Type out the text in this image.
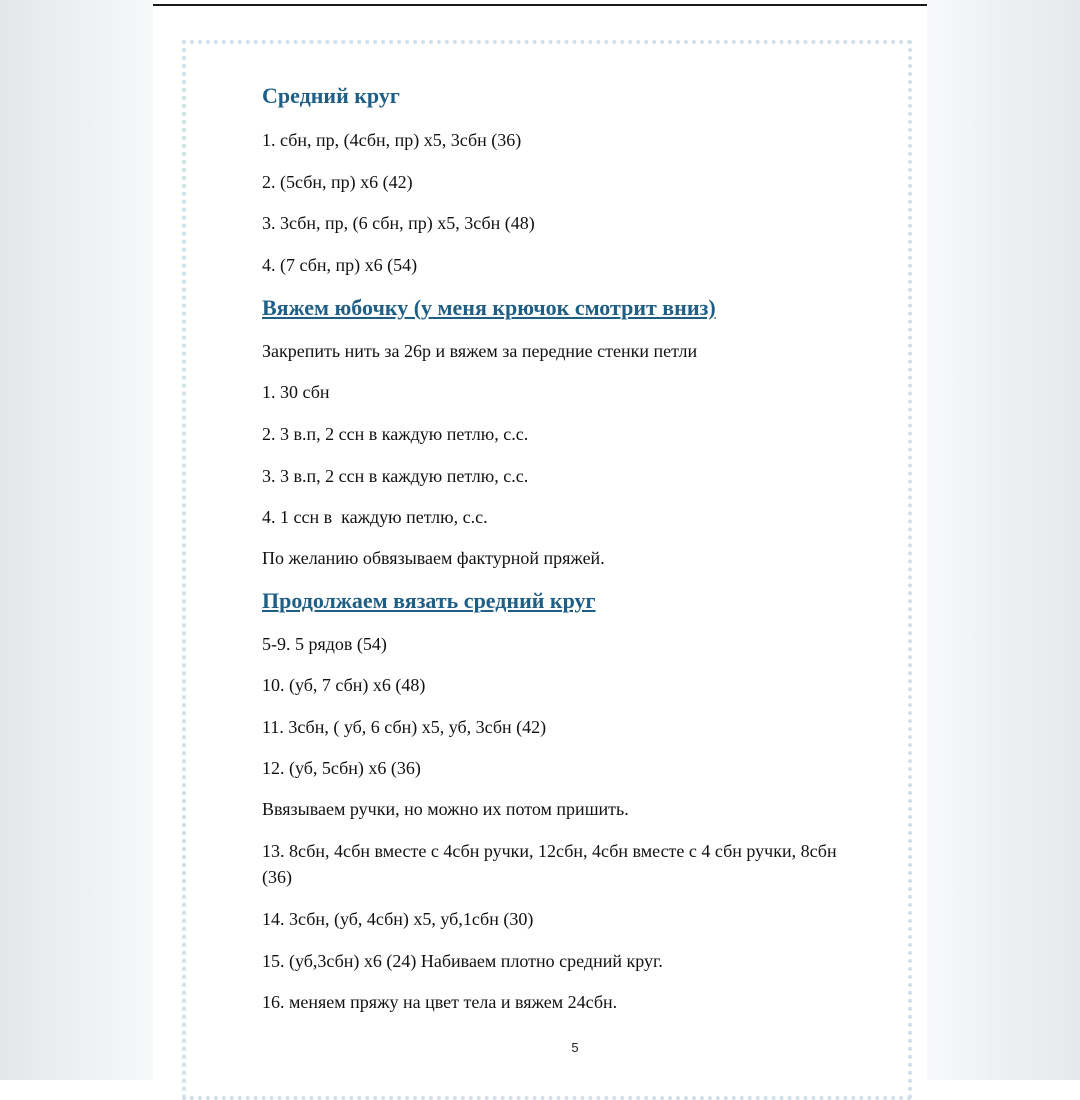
Средний круг

1. сбн, пр, (4сбн, пр) х5, 3сбн (36)

2. (5сбн, пр) х6 (42)

3. 3сбн, пр, (6 сбн, пр) х5, 3сбн (48)

4. (7 сбн, пр) х6 (54)

Вяжем юбочку (у меня крючок смотрит вниз)

Закрепить нить за 26р и вяжем за передние стенки петли

1. 30 сбн

2. 3 в.п, 2 ссн в каждую петлю, с.с.

3. 3 в.п, 2 ссн в каждую петлю, с.с.

4. 1 ссн в  каждую петлю, с.с.

По желанию обвязываем фактурной пряжей.

Продолжаем вязать средний круг

5-9. 5 рядов (54)

10. (уб, 7 сбн) х6 (48)

11. 3сбн, ( уб, 6 сбн) х5, уб, 3сбн (42)

12. (уб, 5сбн) х6 (36)

Ввязываем ручки, но можно их потом пришить.

13. 8сбн, 4сбн вместе с 4сбн ручки, 12сбн, 4сбн вместе с 4 сбн ручки, 8сбн (36)

14. 3сбн, (уб, 4сбн) х5, уб,1сбн (30)

15. (уб,3сбн) х6 (24) Набиваем плотно средний круг.

16. меняем пряжу на цвет тела и вяжем 24сбн.

5
